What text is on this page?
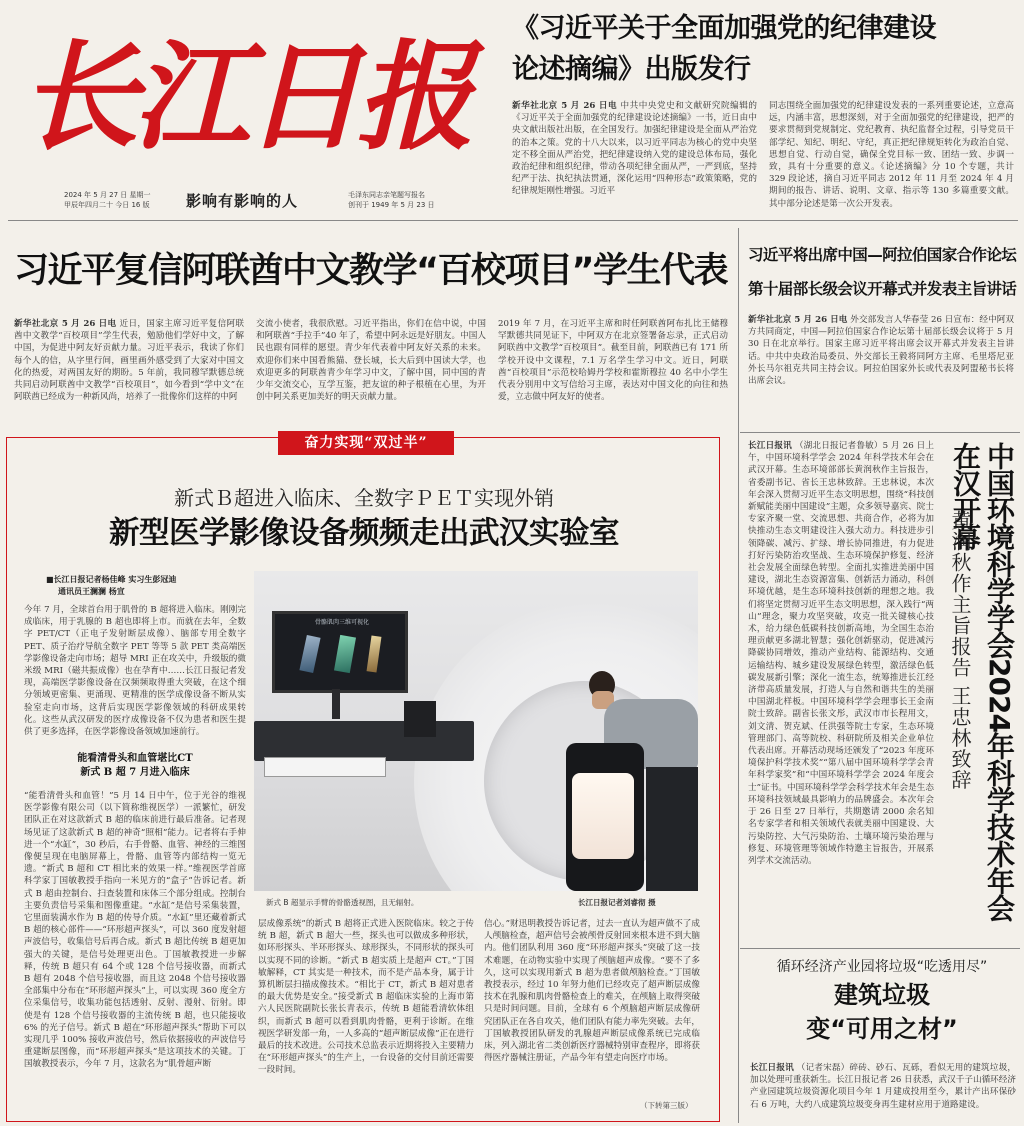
长江日报
2024 年 5 月 27 日 星期一
甲辰年四月二十 今日 16 版	影响有影响的人	毛泽东同志亲笔题写报名
创刊于 1949 年 5 月 23 日
《习近平关于全面加强党的纪律建设
论述摘编》出版发行
新华社北京 5 月 26 日电 中共中央党史和文献研究院编辑的《习近平关于全面加强党的纪律建设论述摘编》一书，近日由中央文献出版社出版，在全国发行。加强纪律建设是全面从严治党的治本之策。党的十八大以来，以习近平同志为核心的党中央坚定不移全面从严治党，把纪律建设纳入党的建设总体布局，强化政治纪律和组织纪律，带动各项纪律全面从严，一严到底，坚持纪严于法、执纪执法贯通，深化运用“四种形态”政策策略，党的纪律规矩刚性增强。习近平
同志围绕全面加强党的纪律建设发表的一系列重要论述，立意高远，内涵丰富，思想深刻，对于全面加强党的纪律建设，把严的要求贯彻到党规制定、党纪教育、执纪监督全过程，引导党员干部学纪、知纪、明纪、守纪，真正把纪律规矩转化为政治自觉、思想自觉、行动自觉，确保全党目标一致、团结一致、步调一致，具有十分重要的意义。《论述摘编》分 10 个专题，共计 329 段论述，摘自习近平同志 2012 年 11 月至 2024 年 4 月期间的报告、讲话、说明、文章、指示等 130 多篇重要文献。其中部分论述是第一次公开发表。
习近平复信阿联酋中文教学“百校项目”学生代表
新华社北京 5 月 26 日电 近日，国家主席习近平复信阿联酋中文教学“百校项目”学生代表，勉励他们学好中文，了解中国，为促进中阿友好贡献力量。习近平表示，我读了你们每个人的信，从字里行间，画里画外感受到了大家对中国文化的热爱，对两国友好的期盼。5 年前，我同穆罕默德总统共同启动阿联酋中文教学“百校项目”，如今看到“学中文”在阿联酋已经成为一种新风尚，培养了一批像你们这样的中阿
交流小使者，我很欣慰。习近平指出，你们在信中说，中国和阿联酋“手拉手”40 年了，希望中阿永远是好朋友。中国人民也跟有同样的愿望。青少年代表着中阿友好关系的未来。欢迎你们来中国看熊猫、登长城，长大后到中国读大学，也欢迎更多的阿联酋青少年学习中文，了解中国，同中国的青少年交流交心，互学互鉴，把友谊的种子根植在心里，为开创中阿关系更加美好的明天贡献力量。
2019 年 7 月，在习近平主席和时任阿联酋阿布扎比王储穆罕默德共同见证下，中阿双方在北京签署备忘录，正式启动阿联酋中文教学“百校项目”。截至目前，阿联酋已有 171 所学校开设中文课程，7.1 万名学生学习中文。近日，阿联酋“百校项目”示范校哈姆丹学校和霍斯穆拉 40 名中小学生代表分别用中文写信给习主席，表达对中国文化的向往和热爱，立志做中阿友好的使者。
习近平将出席中国—阿拉伯国家合作论坛
第十届部长级会议开幕式并发表主旨讲话
新华社北京 5 月 26 日电 外交部发言人华春莹 26 日宣布：经中阿双方共同商定，中国—阿拉伯国家合作论坛第十届部长级会议将于 5 月 30 日在北京举行。国家主席习近平将出席会议开幕式并发表主旨讲话。中共中央政治局委员、外交部长王毅将同阿方主席、毛里塔尼亚外长马尔祖克共同主持会议。阿拉伯国家外长或代表及阿盟秘书长将出席会议。
奋力实现“双过半”
新式Ｂ超进入临床、全数字ＰＥＴ实现外销
新型医学影像设备频频走出武汉实验室
■长江日报记者杨佳峰 实习生彭冠迪
通讯员王澜澜 杨宣
今年 7 月，全球首台用于肌骨的 B 超将进入临床。刚刚完成临床，用于乳腺的 B 超也即将上市。而就在去年，全数字 PET/CT（正电子发射断层成像）、脑部专用全数字 PET、质子治疗导航全数字 PET 等等 5 款 PET 类高端医学影像设备走向市场；超导 MRI 正在攻关中，升级版的微米级 MRI（磁共振成像）也在孕育中……长江日报记者发现，高端医学影像设备在汉频频取得重大突破，在这个细分领域更密集、更涌现、更精准的医学成像设备不断从实验室走向市场，这背后实现医学影像领域的科研成果转化。这些从武汉研发的医疗成像设备不仅为患者和医生提供了更多选择，在医学影像设备领域加速前行。
能看清骨头和血管堪比CT
新式 B 超 7 月进入临床
“能看清骨头和血管！”5 月 14 日中午，位于光谷的维视医学影像有限公司（以下简称维视医学）一派繁忙，研发团队正在对这款新式 B 超的临床前进行最后准备。记者现场见证了这款新式 B 超的神奇“照相”能力。记者将右手伸进一个“水缸”，30 秒后，右手骨骼、血管、神经的三维图像便呈现在电脑屏幕上，骨骼、血管等内部结构一览无遗。“新式 B 超和 CT 相比来的效果一样。”维视医学首席科学家丁国敏教授手指向一米见方的“盒子”告诉记者。新式 B 超由控制台、扫查装置和床体三个部分组成。控制台主要负责信号采集和图像重建。“水缸”是信号采集装置，它里面装满水作为 B 超的传导介质。“水缸”里还藏着新式 B 超的核心部件——“环形超声探头”，可以 360 度发射超声波信号，收集信号后再合成。新式 B 超比传统 B 超更加强大的关键，是信号处理更出色。丁国敏教授进一步解释，传统 B 超只有 64 个或 128 个信号接收器，而新式 B 超有 2048 个信号接收器，而且这 2048 个信号接收器全部集中分布在“环形超声探头”上，可以实现 360 度全方位采集信号，收集功能包括透射、反射、漫射、衍射。即使是有 128 个信号接收器的主流传统 B 超，也只能接收 6% 的光子信号。新式 B 超在“环形超声探头”帮助下可以实现几乎 100% 接收声波信号，然后依据接收的声波信号重建断层图像，而“环形超声探头”是这项技术的关键。丁国敏教授表示，今年 7 月，这款名为“肌骨超声断
骨骼肌肉三维可视化
新式 B 超显示手臂的骨骼透视图，且无辐射。	长江日报记者刘睿彻 摄
层成像系统”的新式 B 超将正式进入医院临床。较之于传统 B 超，新式 B 超大一些，探头也可以做成多种形状，如环形探头、半环形探头、球形探头，不同形状的探头可以实现不同的诊断。“新式 B 超实质上是超声 CT。”丁国敏解释，CT 其实是一种技术，而不是产品本身，属于计算机断层扫描成像技术。“相比于 CT，新式 B 超对患者的最大优势是安全。”接受新式 B 超临床实验的上海市第六人民医院副院长张长青表示，传统 B 超能看清软体组织，而新式 B 超可以看到肌肉骨骼，更利于诊断。在维视医学研发部一角，一人多高的“超声断层成像”正在进行最后的技术改进。公司技术总监表示近期将投入主要精力在“环形超声探头”的生产上，一台设备的交付目前还需要一段时间。
信心。”财迅明教授告诉记者，过去一直认为超声做不了成人颅脑检查，超声信号会被颅骨反射回来根本进不到大脑内。他们团队利用 360 度“环形超声探头”突破了这一技术难题，在动物实验中实现了颅脑超声成像。“要不了多久，这可以实现用新式 B 超为患者做颅脑检查。”丁国敏教授表示，经过 10 年努力他们已经攻克了超声断层成像技术在乳腺和肌肉骨骼检查上的难关，在颅脑上取得突破只是时间问题。目前，全球有 6 个颅脑超声断层成像研究团队正在各自攻关，他们团队有能力率先突破。去年，丁国敏教授团队研发的乳腺超声断层成像系统已完成临床，列入湖北省二类创新医疗器械特别审查程序，即将获得医疗器械注册证，产品今年有望走向医疗市场。
（下转第三版）
中国环境科学学会2024年科学技术年会在汉开幕
黄润秋作主旨报告 王忠林致辞
长江日报讯 （湖北日报记者鲁敏）5 月 26 日上午，中国环境科学学会 2024 年科学技术年会在武汉开幕。生态环境部部长黄润秋作主旨报告，省委副书记、省长王忠林致辞。王忠林说，本次年会深入贯彻习近平生态文明思想，围绕“科技创新赋能美丽中国建设”主题，众多领导嘉宾、院士专家齐聚一堂、交流思想、共商合作，必将为加快推动生态文明建设注入强大动力。科技进步引领降碳、减污、扩绿、增长协同推进，有力促进打好污染防治攻坚战、生态环境保护修复、经济社会发展全面绿色转型。全面扎实推进美丽中国建设，湖北生态资源富集、创新活力涌动，科创环境优越，是生态环境科技创新的理想之地。我们将坚定贯彻习近平生态文明思想，深入践行“两山”理念，聚力攻坚突破，攻克一批关键核心技术，给力绿色低碳科技创新高地，为全国生态治理贡献更多湖北智慧；强化创新驱动，促进减污降碳协同增效，推动产业结构、能源结构、交通运输结构、城乡建设发展绿色转型，激活绿色低碳发展新引擎；深化一流生态，统筹推进长江经济带高质量发展，打造人与自然和谐共生的美丽中国湖北样板。中国环境科学学会理事长王金南院士致辞。副省长张文彤，武汉市市长程用文，刘文清、贺克斌、任洪强等院士专家，生态环境管理部门、高等院校、科研院所及相关企业单位代表出席。开幕活动现场还颁发了“2023 年度环境保护科学技术奖”“第八届中国环境科学学会青年科学家奖”和“中国环境科学学会 2024 年度会士”证书。中国环境科学学会科学技术年会是生态环境科技领域最具影响力的品牌盛会。本次年会于 26 日至 27 日举行，共期邀请 2000 余名知名专家学者和相关领域代表就美丽中国建设、大污染防控、大气污染防治、土壤环境污染治理与修复、环境管理等领域作特邀主旨报告，开展系列学术交流活动。
循环经济产业园将垃圾“吃透用尽”
建筑垃圾
变“可用之材”
长江日报讯 （记者宋磊）碎砖、砂石、瓦砾，看似无用的建筑垃圾，加以处理可重获新生。长江日报记者 26 日获悉，武汉千子山循环经济产业园建筑垃圾资源化项目今年 1 月建成投用至今，累计产出环保砂石 6 万吨，大约八成建筑垃圾变身再生建材应用于道路建设。
